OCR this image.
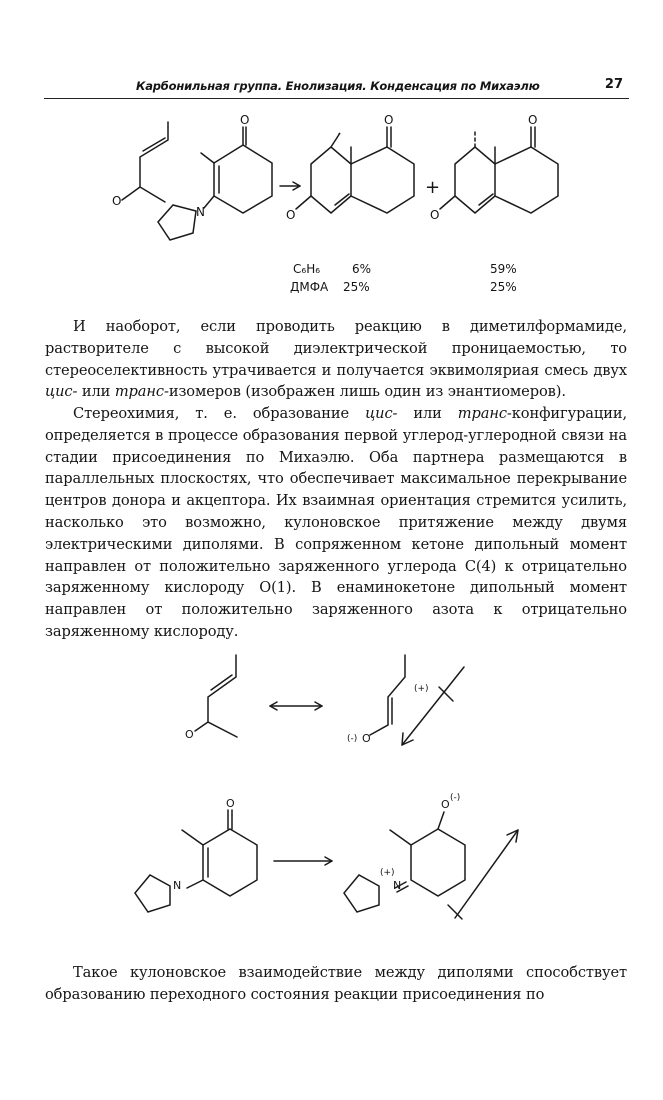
Карбонильная группа. Енолизация. Конденсация по Михаэлю	27
O
O
N
O
O
O
O
+
C₆H₆	6%	59%
ДМФА 25%	25%

И наоборот, если проводить реакцию в диметилформамиде, растворителе с высокой диэлектрической проницаемостью, то стереоселективность утрачивается и получается эквимоляриая смесь двух цис- или транс-изомеров (изображен лишь один из энантиомеров).

Стереохимия, т. е. образование цис- или транс-конфигурации, определяется в процессе образования первой углерод-углеродной связи на стадии присоединения по Михаэлю. Оба партнера размещаются в параллельных плоскостях, что обеспечивает максимальное перекрывание центров донора и акцептора. Их взаимная ориентация стремится усилить, насколько это возможно, кулоновское притяжение между двумя электрическими диполями. В сопряженном кетоне дипольный момент направлен от положительно заряженного углерода С(4) к отрицательно заряженному кислороду О(1). В енаминокетоне дипольный момент направлен от положительно заряженного азота к отрицательно заряженному кислороду.

O
(+)
(-) O
O
N
O (-)
N
(+)

Такое кулоновское взаимодействие между диполями способствует образованию переходного состояния реакции присоединения по
